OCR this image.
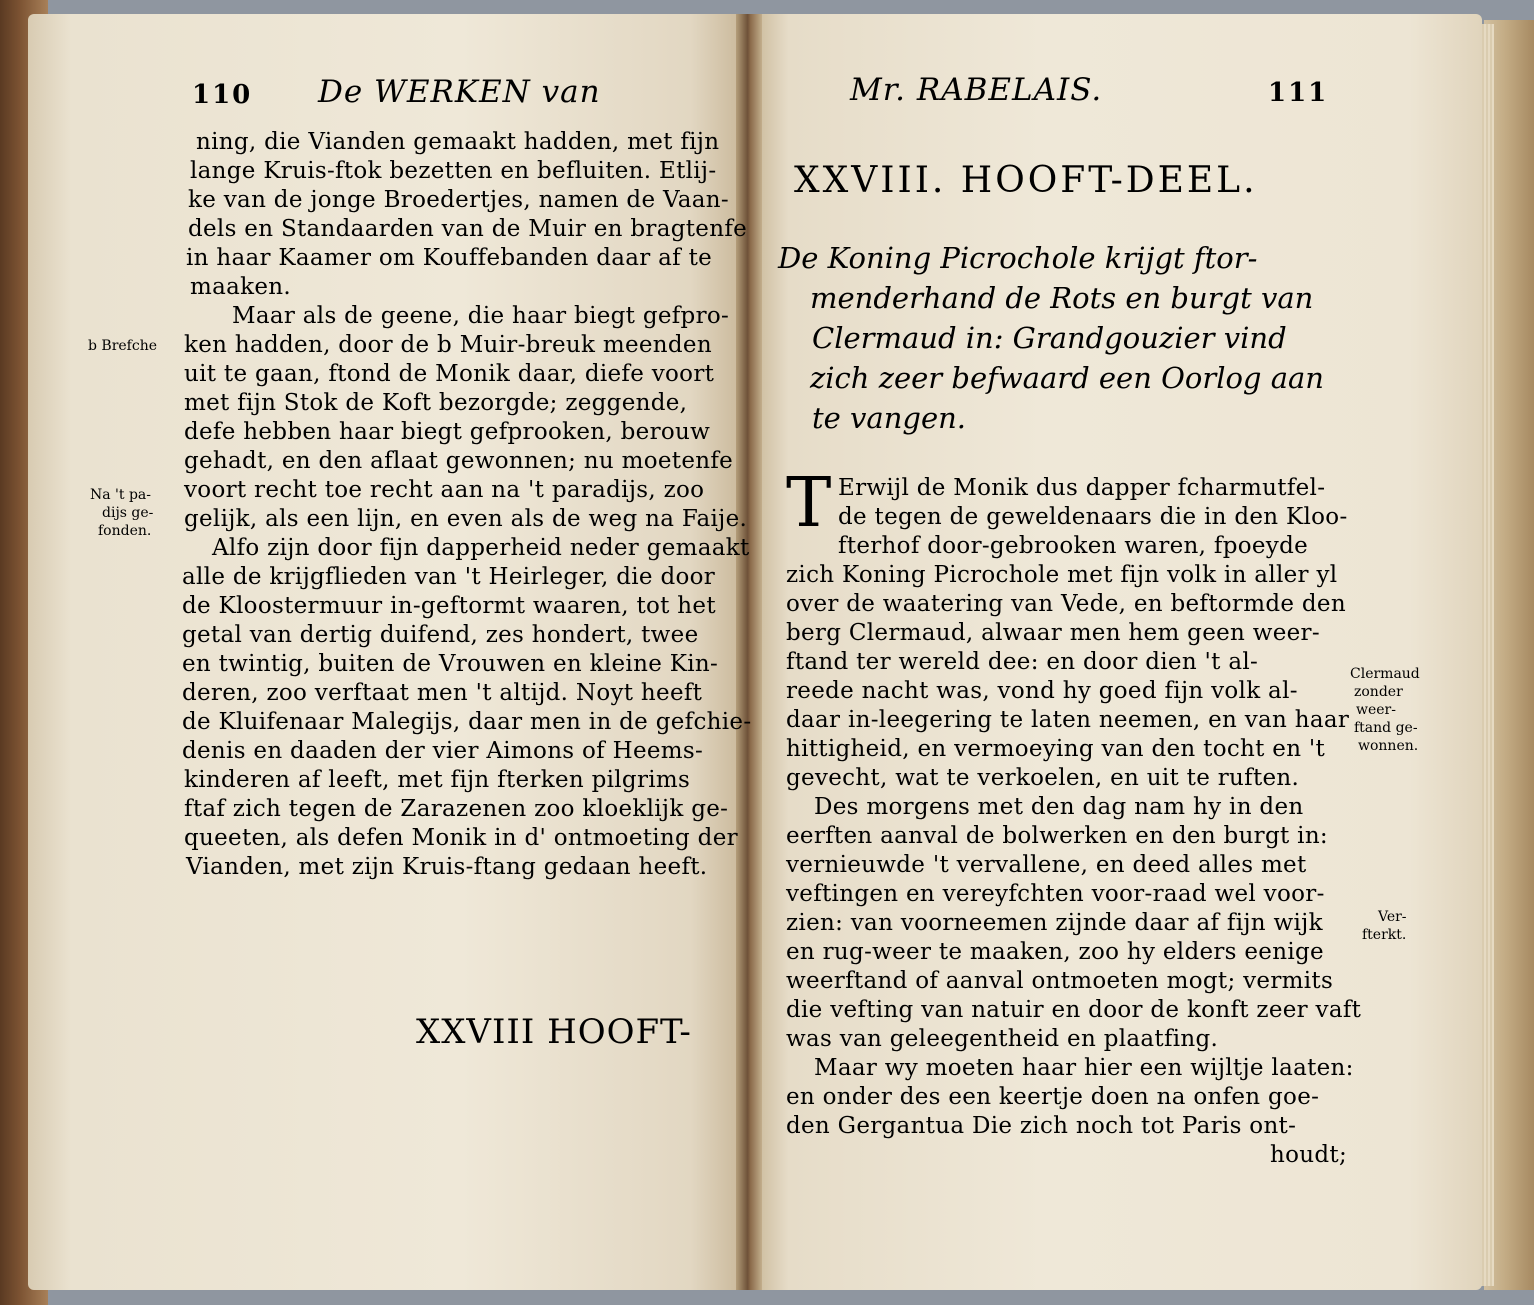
110 De WERKEN van
ning, die Vianden gemaakt hadden, met fijn
lange Kruis-ftok bezetten en befluiten. Etlij-
ke van de jonge Broedertjes, namen de Vaan-
dels en Standaarden van de Muir en bragtenfe
in haar Kaamer om Kouffebanden daar af te
maaken.
Maar als de geene, die haar biegt gefpro-
ken hadden, door de b Muir-breuk meenden
uit te gaan, ftond de Monik daar, diefe voort
met fijn Stok de Koft bezorgde; zeggende,
defe hebben haar biegt gefprooken, berouw
gehadt, en den aflaat gewonnen; nu moetenfe
voort recht toe recht aan na 't paradijs, zoo
gelijk, als een lijn, en even als de weg na Faije.
Alfo zijn door fijn dapperheid neder gemaakt
alle de krijgflieden van 't Heirleger, die door
de Kloostermuur in-geftormt waaren, tot het
getal van dertig duifend, zes hondert, twee
en twintig, buiten de Vrouwen en kleine Kin-
deren, zoo verftaat men 't altijd. Noyt heeft
de Kluifenaar Malegijs, daar men in de gefchie-
denis en daaden der vier Aimons of Heems-
kinderen af leeft, met fijn fterken pilgrims
ftaf zich tegen de Zarazenen zoo kloeklijk ge-
queeten, als defen Monik in d' ontmoeting der
Vianden, met zijn Kruis-ftang gedaan heeft.
b Brefche
Na 't pa-
dijs ge-
fonden.
XXVIII HOOFT-
Mr. RABELAIS.	111
XXVIII. HOOFT-DEEL.
De Koning Picrochole krijgt ftor-
menderhand de Rots en burgt van
Clermaud in: Grandgouzier vind
zich zeer befwaard een Oorlog aan
te vangen.
T Erwijl de Monik dus dapper fcharmutfel-
de tegen de geweldenaars die in den Kloo-
fterhof door-gebrooken waren, fpoeyde
zich Koning Picrochole met fijn volk in aller yl
over de waatering van Vede, en beftormde den
berg Clermaud, alwaar men hem geen weer-
ftand ter wereld dee: en door dien 't al-
reede nacht was, vond hy goed fijn volk al-
daar in-leegering te laten neemen, en van haar
hittigheid, en vermoeying van den tocht en 't
gevecht, wat te verkoelen, en uit te ruften.
Des morgens met den dag nam hy in den
eerften aanval de bolwerken en den burgt in:
vernieuwde 't vervallene, en deed alles met
veftingen en vereyfchten voor-raad wel voor-
zien: van voorneemen zijnde daar af fijn wijk
en rug-weer te maaken, zoo hy elders eenige
weerftand of aanval ontmoeten mogt; vermits
die vefting van natuir en door de konft zeer vaft
was van geleegentheid en plaatfing.
Maar wy moeten haar hier een wijltje laaten:
en onder des een keertje doen na onfen goe-
den Gergantua Die zich noch tot Paris ont-
houdt;
Clermaud
zonder
weer-
ftand ge-
wonnen.
Ver-
fterkt.
